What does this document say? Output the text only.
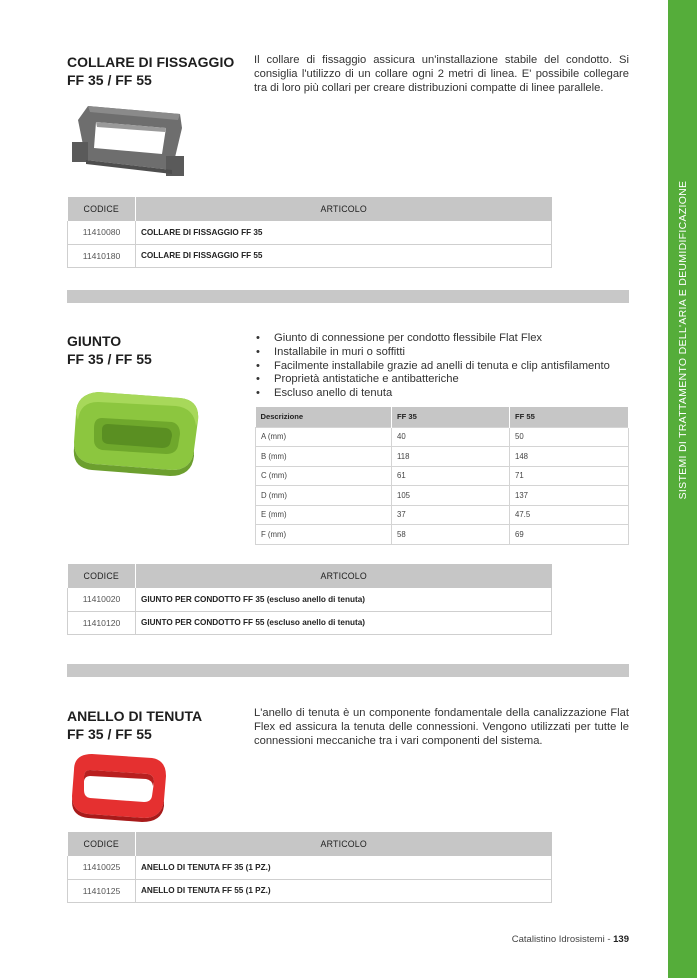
SISTEMI DI TRATTAMENTO DELL'ARIA E DEUMIDIFICAZIONE
COLLARE DI FISSAGGIO
FF 35 / FF 55
Il collare di fissaggio assicura un'installazione stabile del condotto. Si consiglia l'utilizzo di un collare ogni 2 metri di linea. E' possibile collegare tra di loro più collari per creare distribuzioni compatte di linee parallele.
CODICE	ARTICOLO
11410080	COLLARE DI FISSAGGIO FF 35
11410180	COLLARE DI FISSAGGIO FF 55
GIUNTO
FF 35 / FF 55
• Giunto di connessione per condotto flessibile Flat Flex
• Installabile in muri o soffitti
• Facilmente installabile grazie ad anelli di tenuta e clip antisfilamento
• Proprietà antistatiche e antibatteriche
• Escluso anello di tenuta
Descrizione	FF 35	FF 55
A (mm)	40	50
B (mm)	118	148
C (mm)	61	71
D (mm)	105	137
E (mm)	37	47.5
F (mm)	58	69
CODICE	ARTICOLO
11410020	GIUNTO PER CONDOTTO FF 35 (escluso anello di tenuta)
11410120	GIUNTO PER CONDOTTO FF 55 (escluso anello di tenuta)
ANELLO DI TENUTA
FF 35 / FF 55
L'anello di tenuta è un componente fondamentale della canalizzazione Flat Flex ed assicura la tenuta delle connessioni. Vengono utilizzati per tutte le connessioni meccaniche tra i vari componenti del sistema.
CODICE	ARTICOLO
11410025	ANELLO DI TENUTA FF 35 (1 PZ.)
11410125	ANELLO DI TENUTA FF 55 (1 PZ.)
Catalistino Idrosistemi - 139
